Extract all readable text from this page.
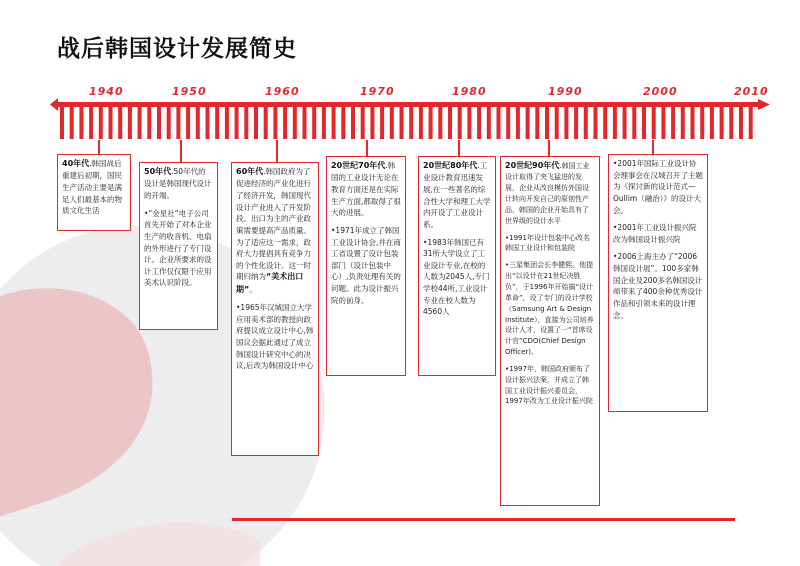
战后韩国设计发展简史
1940	1950	1960	1970	1980	1990	2000	2010

40年代.韩国战后重建后初期，国民生产活动主要是满足人们最基本的物质文化生活

50年代.50年代的设计是韩国现代设计的开端。

•“金星社”电子公司首先开始了对本企业生产的收音机、电扇的外形进行了专门设计。企业所要求的设计工作仅仅限于应用美术认识阶段。

60年代.韩国政府为了促进经济的产业化进行了经济开发，韩国现代设计产业进入了开发阶段。出口为主的产业政策需要提高产品质量。为了适应这一需求，政府大力提倡具有竞争力的个性化设计。这一时期归纳为“美术出口期”。

•1965年汉城国立大学应用美术部的教授向政府提议成立设计中心,韩国议会据此通过了成立韩国设计研究中心的决议,后改为韩国设计中心

20世纪70年代.韩国的工业设计无论在教育方面还是在实际生产方面,都取得了很大的进展。

•1971年成立了韩国工业设计协会,并在商工省设置了设计包装部门（设计包装中心）,负责处理有关的问题。此为设计振兴院的前身。

20世纪80年代.工业设计教育迅速发展,在一些著名的综合性大学和理工大学内开设了工业设计系。

•1983年韩国已有31所大学设立了工业设计专业,在校的人数为2045人,专门学校44所,工业设计专业在校人数为4560人

20世纪90年代.韩国工业设计取得了突飞猛进的发展，企业从改良模仿外国设计转向开发自己的原创性产品，韩国的企业开始具有了世界级的设计水平

•1991年设计包装中心改名韩国工业设计和包装院

•三星集团会长李健熙。他提出“以设计在21世纪决胜负”，于1996年开始搞“设计革命”，设了专门的设计学校（Samsung Art & Design Institute），直接为公司培养设计人才，设置了一“首席设计官”CDO(Chief Design Officer)。

•1997年，韩国政府颁布了设计振兴法案，并成立了韩国工业设计振兴委员会，1997年改为工业设计振兴院

•2001年国际工业设计协会理事会在汉城召开了主题为《探讨新的设计范式—Oullim（融治）》的设计大会。

•2001年工业设计振兴院改为韩国设计振兴院

•2006上海主办了“2006韩国设计展”。100多家韩国企业及200多名韩国设计师带来了400余种优秀设计作品和引领未来的设计理念。
